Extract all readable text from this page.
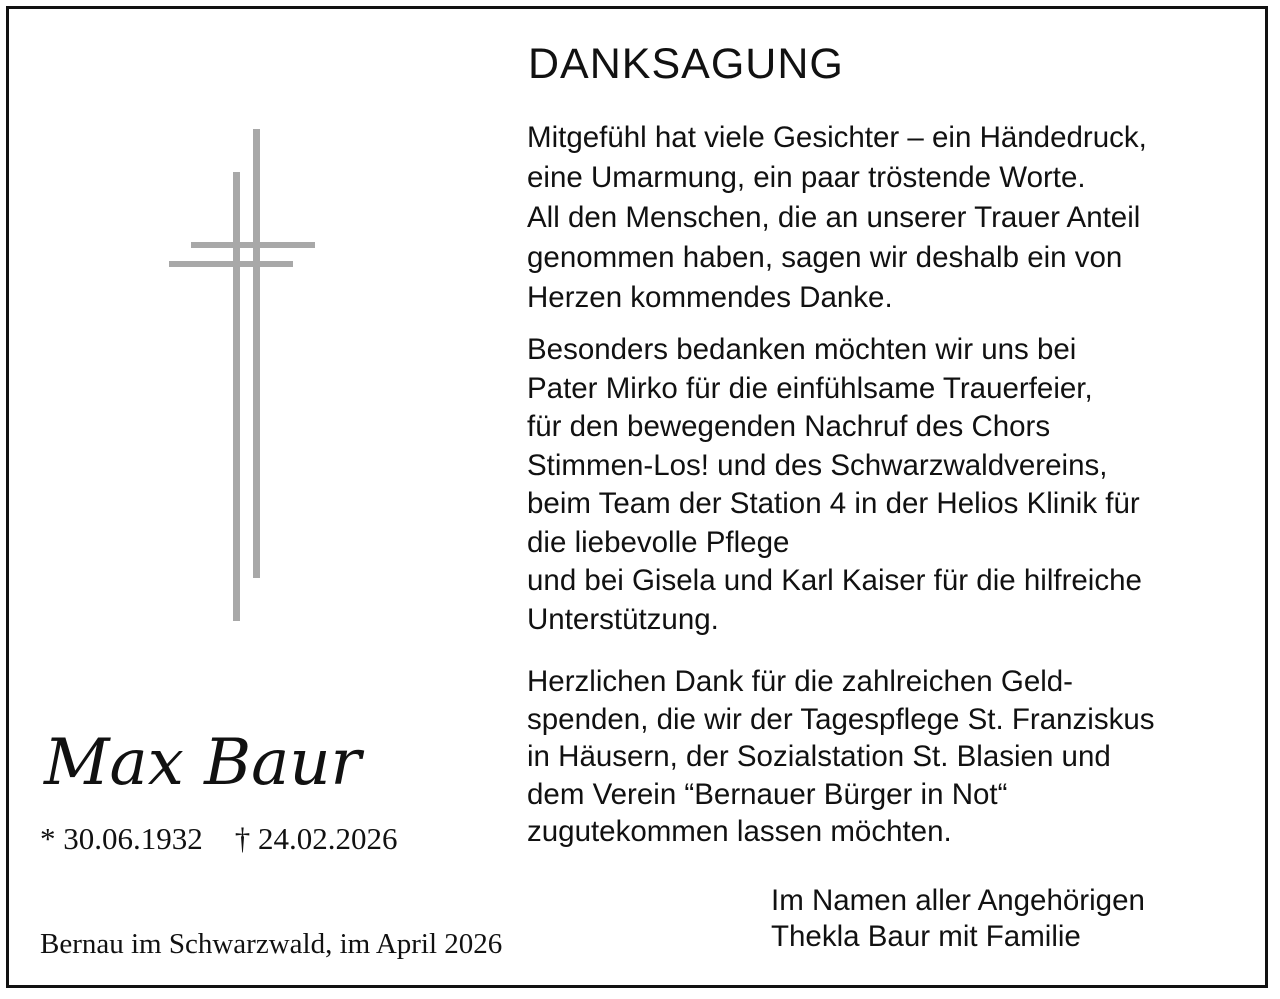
DANKSAGUNG
Mitgefühl hat viele Gesichter – ein Händedruck,
eine Umarmung, ein paar tröstende Worte.
All den Menschen, die an unserer Trauer Anteil
genommen haben, sagen wir deshalb ein von
Herzen kommendes Danke.
Besonders bedanken möchten wir uns bei
Pater Mirko für die einfühlsame Trauerfeier,
für den bewegenden Nachruf des Chors
Stimmen-Los! und des Schwarzwaldvereins,
beim Team der Station 4 in der Helios Klinik für
die liebevolle Pflege
und bei Gisela und Karl Kaiser für die hilfreiche
Unterstützung.
Herzlichen Dank für die zahlreichen Geld-
spenden, die wir der Tagespflege St. Franziskus
in Häusern, der Sozialstation St. Blasien und
dem Verein “Bernauer Bürger in Not“
zugutekommen lassen möchten.
Max Baur
* 30.06.1932 † 24.02.2026
Im Namen aller Angehörigen
Thekla Baur mit Familie
Bernau im Schwarzwald, im April 2026
